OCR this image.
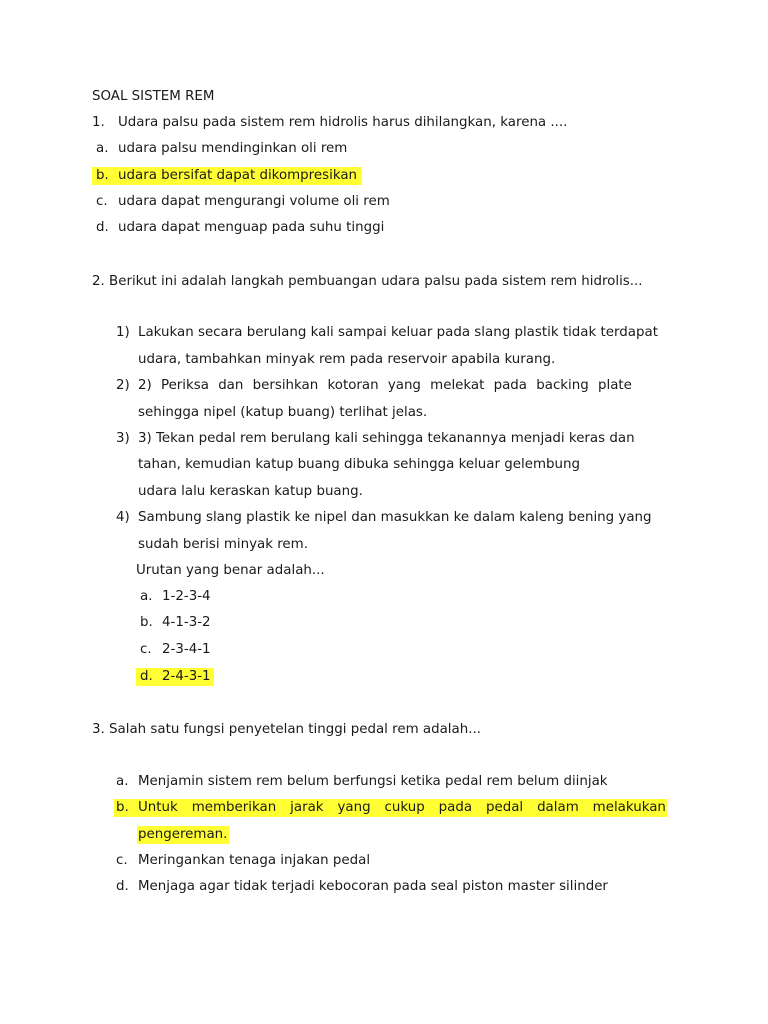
SOAL SISTEM REM
1. Udara palsu pada sistem rem hidrolis harus dihilangkan, karena ....
a. udara palsu mendinginkan oli rem
b. udara bersifat dapat dikompresikan
c. udara dapat mengurangi volume oli rem
d. udara dapat menguap pada suhu tinggi
2. Berikut ini adalah langkah pembuangan udara palsu pada sistem rem hidrolis...
1) Lakukan secara berulang kali sampai keluar pada slang plastik tidak terdapat
udara, tambahkan minyak rem pada reservoir apabila kurang.
2) 2) Periksa dan bersihkan kotoran yang melekat pada backing plate
sehingga nipel (katup buang) terlihat jelas.
3) 3) Tekan pedal rem berulang kali sehingga tekanannya menjadi keras dan
tahan, kemudian katup buang dibuka sehingga keluar gelembung
udara lalu keraskan katup buang.
4) Sambung slang plastik ke nipel dan masukkan ke dalam kaleng bening yang
sudah berisi minyak rem.
Urutan yang benar adalah...
a. 1-2-3-4
b. 4-1-3-2
c. 2-3-4-1
d. 2-4-3-1
3. Salah satu fungsi penyetelan tinggi pedal rem adalah...
a. Menjamin sistem rem belum berfungsi ketika pedal rem belum diinjak
b. Untuk memberikan jarak yang cukup pada pedal dalam melakukan
pengereman.
c. Meringankan tenaga injakan pedal
d. Menjaga agar tidak terjadi kebocoran pada seal piston master silinder
